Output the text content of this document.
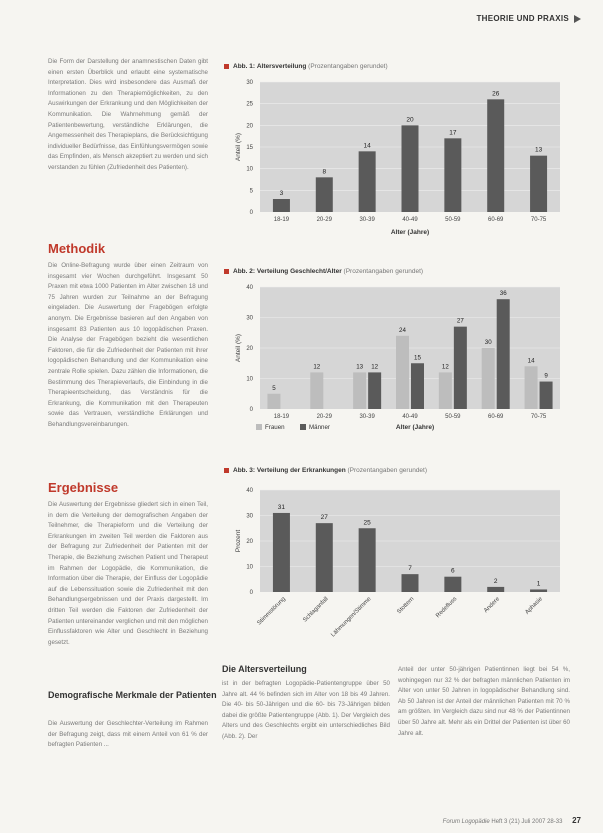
THEORIE UND PRAXIS
Die Form der Darstellung der anamnestischen Daten gibt einen ersten Überblick und erlaubt eine systematische Interpretation. Dies wird insbesondere das Ausmaß der Informationen zu den Therapiemöglichkeiten, zu den Auswirkungen der Erkrankung und den Möglichkeiten der Kommunikation. Die Wahrnehmung gemäß der Patientenbewertung, verständliche Erklärungen, die Angemessenheit des Therapieplans, die Berücksichtigung individueller Bedürfnisse, das Einfühlungsvermögen sowie das Empfinden, als Mensch akzeptiert zu werden und sich verstanden zu fühlen (Zufriedenheit des Patienten).
Methodik
Die Online-Befragung wurde über einen Zeitraum von insgesamt vier Wochen durchgeführt. Insgesamt 50 Praxen mit etwa 1000 Patienten im Alter zwischen 18 und 75 Jahren wurden zur Teilnahme an der Befragung eingeladen. Die Auswertung der Fragebögen erfolgte anonym. Die Ergebnisse basieren auf den Angaben von insgesamt 83 Patienten aus 10 logopädischen Praxen. Die Analyse der Fragebögen bezieht die wesentlichen Faktoren, die für die Zufriedenheit der Patienten mit ihrer logopädischen Behandlung und der Kommunikation eine zentrale Rolle spielen. Dazu zählen die Informationen, die Bestimmung des Therapieverlaufs, die Einbindung in die Therapieentscheidung, das Verständnis für die Erkrankung, die Kommunikation mit den Therapeuten sowie das Vertrauen, verständliche Erklärungen und Behandlungsvereinbarungen.
Ergebnisse
Die Auswertung der Ergebnisse gliedert sich in einen Teil, in dem die Verteilung der demografischen Angaben der Teilnehmer, die Therapieform und die Verteilung der Erkrankungen im zweiten Teil werden die Faktoren aus der Befragung zur Zufriedenheit der Patienten mit der Therapie, die Beziehung zwischen Patient und Therapeut im Rahmen der Logopädie, die Kommunikation, die Information über die Therapie, der Einfluss der Logopädie auf die Lebenssituation sowie die Zufriedenheit mit den Behandlungsergebnissen und der Praxis dargestellt. Im dritten Teil werden die Faktoren der Zufriedenheit der Patienten untereinander verglichen und mit den möglichen Einflussfaktoren wie Alter und Geschlecht in Beziehung gesetzt.
Demografische Merkmale der Patienten
Die Auswertung der Geschlechter-Verteilung im Rahmen der Befragung zeigt, dass mit einem Anteil von 61 % der befragten Patienten ...
Die Altersverteilung
ist in der befragten Logopädie-Patientengruppe über 50 Jahre alt. 44 % befinden sich im Alter von 18 bis 49 Jahren. Die 40- bis 50-Jährigen und die 60- bis 73-Jährigen bilden dabei die größte Patientengruppe (Abb. 1). Der Vergleich des Alters und des Geschlechts ergibt ein unterschiedliches Bild (Abb. 2). Der
Anteil der unter 50-jährigen Patientinnen liegt bei 54 %, wohingegen nur 32 % der befragten männlichen Patienten im Alter von unter 50 Jahren in logopädischer Behandlung sind. Ab 50 Jahren ist der Anteil der männlichen Patienten mit 70 % am größten. Im Vergleich dazu sind nur 48 % der Patientinnen über 50 Jahre alt. Mehr als ein Drittel der Patienten ist über 60 Jahre alt.
Abb. 1: Altersverteilung (Prozentangaben gerundet)
Abb. 2: Verteilung Geschlecht/Alter (Prozentangaben gerundet)
Abb. 3: Verteilung der Erkrankungen (Prozentangaben gerundet)
0
5
10
15
20
25
30
Anteil (%)
3
18-19
8
20-29
14
30-39
20
40-49
17
50-59
26
60-69
13
70-75
Alter (Jahre)
0
10
20
30
40
Anteil (%)
5
18-19
12
20-29
13 12
30-39
24
15
40-49
12
27
50-59
30
36
60-69
14
9
70-75
Frauen	Männer	Alter (Jahre)
0
10
20
30
40
Prozent
31
Stimmstörung
27
Schlaganfall
25
Lähmungen/Stimme
7
Stottern
6
Redefluss
2
Andere
1
Aphasie
Forum Logopädie Heft 3 (21) Juli 2007 28-33 27
